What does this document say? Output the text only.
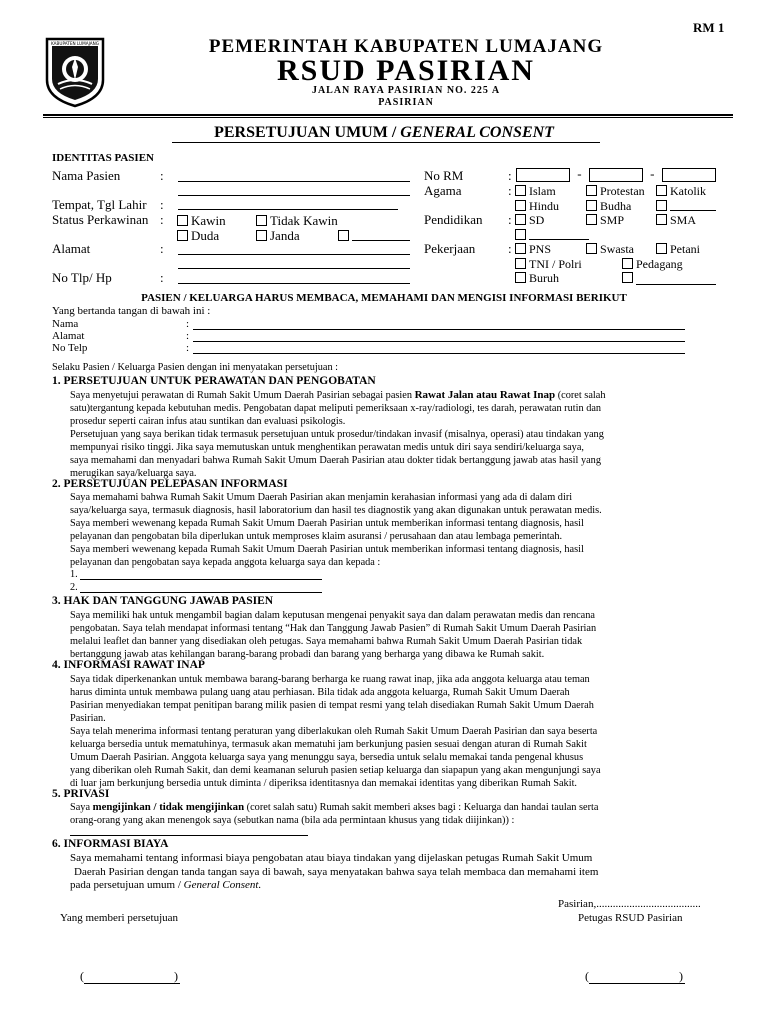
RM 1
KABUPATEN LUMAJANG	PEMERINTAH KABUPATEN LUMAJANG
RSUD PASIRIAN
JALAN RAYA PASIRIAN NO. 225 A
PASIRIAN
PERSETUJUAN UMUM / GENERAL CONSENT
IDENTITAS PASIEN
Nama Pasien	:
Tempat, Tgl Lahir :
Status Perkawinan :	Kawin	Tidak Kawin
Duda	Janda
Alamat	:
No Tlp/ Hp	:
No RM	:	-	-
Agama	:	Islam	Protestan	Katolik
Hindu	Budha
Pendidikan :	SD	SMP	SMA
Pekerjaan	:	PNS	Swasta	Petani
TNI / Polri	Pedagang
Buruh
PASIEN / KELUARGA HARUS MEMBACA, MEMAHAMI DAN MENGISI INFORMASI BERIKUT
Yang bertanda tangan di bawah ini :
Nama	:
Alamat	:
No Telp	:
Selaku Pasien / Keluarga Pasien dengan ini menyatakan persetujuan :
1. PERSETUJUAN UNTUK PERAWATAN DAN PENGOBATAN
Saya menyetujui perawatan di Rumah Sakit Umum Daerah Pasirian sebagai pasien Rawat Jalan atau Rawat Inap (coret salah
satu)tergantung kepada kebutuhan medis. Pengobatan dapat meliputi pemeriksaan x-ray/radiologi, tes darah, perawatan rutin dan
prosedur seperti cairan infus atau suntikan dan evaluasi psikologis.
Persetujuan yang saya berikan tidak termasuk persetujuan untuk prosedur/tindakan invasif (misalnya, operasi) atau tindakan yang
mempunyai risiko tinggi. Jika saya memutuskan untuk menghentikan perawatan medis untuk diri saya sendiri/keluarga saya,
saya memahami dan menyadari bahwa Rumah Sakit Umum Daerah Pasirian atau dokter tidak bertanggung jawab atas hasil yang
merugikan saya/keluarga saya.
2. PERSETUJUAN PELEPASAN INFORMASI
Saya memahami bahwa Rumah Sakit Umum Daerah Pasirian akan menjamin kerahasian informasi yang ada di dalam diri
saya/keluarga saya, termasuk diagnosis, hasil laboratorium dan hasil tes diagnostik yang akan digunakan untuk perawatan medis.
Saya memberi wewenang kepada Rumah Sakit Umum Daerah Pasirian untuk memberikan informasi tentang diagnosis, hasil
pelayanan dan pengobatan bila diperlukan untuk memproses klaim asuransi / perusahaan dan atau lembaga pemerintah.
Saya memberi wewenang kepada Rumah Sakit Umum Daerah Pasirian untuk memberikan informasi tentang diagnosis, hasil
pelayanan dan pengobatan saya kepada anggota keluarga saya dan kepada :
1.
2.
3. HAK DAN TANGGUNG JAWAB PASIEN
Saya memiliki hak untuk mengambil bagian dalam keputusan mengenai penyakit saya dan dalam perawatan medis dan rencana
pengobatan. Saya telah mendapat informasi tentang “Hak dan Tanggung Jawab Pasien” di Rumah Sakit Umum Daerah Pasirian
melalui leaflet dan banner yang disediakan oleh petugas. Saya memahami bahwa Rumah Sakit Umum Daerah Pasirian tidak
bertanggung jawab atas kehilangan barang-barang probadi dan barang yang berharga yang dibawa ke Rumah sakit.
4. INFORMASI RAWAT INAP
Saya tidak diperkenankan untuk membawa barang-barang berharga ke ruang rawat inap, jika ada anggota keluarga atau teman
harus diminta untuk membawa pulang uang atau perhiasan. Bila tidak ada anggota keluarga, Rumah Sakit Umum Daerah
Pasirian menyediakan tempat penitipan barang milik pasien di tempat resmi yang telah disediakan Rumah Sakit Umum Daerah
Pasirian.
Saya telah menerima informasi tentang peraturan yang diberlakukan oleh Rumah Sakit Umum Daerah Pasirian dan saya beserta
keluarga bersedia untuk mematuhinya, termasuk akan mematuhi jam berkunjung pasien sesuai dengan aturan di Rumah Sakit
Umum Daerah Pasirian. Anggota keluarga saya yang menunggu saya, bersedia untuk selalu memakai tanda pengenal khusus
yang diberikan oleh Rumah Sakit, dan demi keamanan seluruh pasien setiap keluarga dan siapapun yang akan mengunjungi saya
di luar jam berkunjung bersedia untuk diminta / diperiksa identitasnya dan memakai identitas yang diberikan Rumah Sakit.
5. PRIVASI
Saya mengijinkan / tidak mengijinkan (coret salah satu) Rumah sakit memberi akses bagi : Keluarga dan handai taulan serta
orang-orang yang akan menengok saya (sebutkan nama (bila ada permintaan khusus yang tidak diijinkan)) :
6. INFORMASI BIAYA
Saya memahami tentang informasi biaya pengobatan atau biaya tindakan yang dijelaskan petugas Rumah Sakit Umum
Daerah Pasirian dengan tanda tangan saya di bawah, saya menyatakan bahwa saya telah membaca dan memahami item
pada persetujuan umum / General Consent.
Pasirian,......................................
Yang memberi persetujuan	Petugas RSUD Pasirian
(                              )	(                              )
